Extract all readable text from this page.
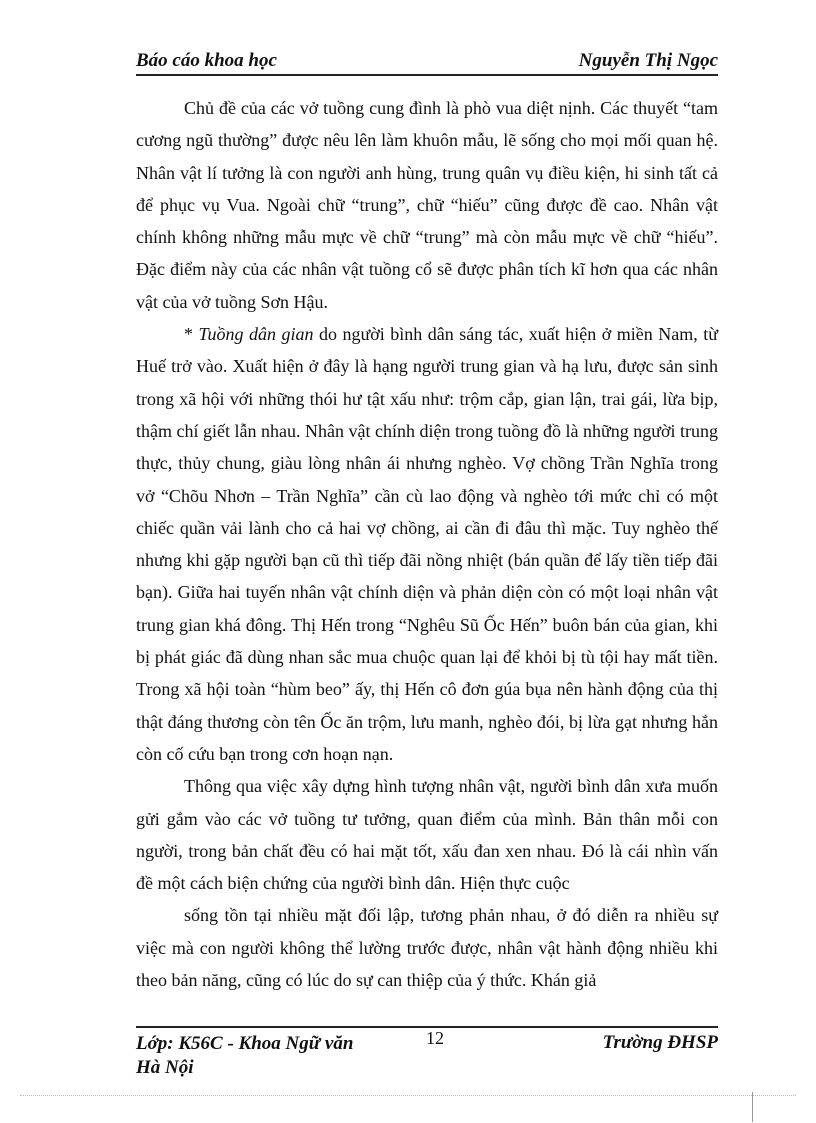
Báo cáo khoa học	Nguyễn Thị Ngọc

Chủ đề của các vở tuồng cung đình là phò vua diệt nịnh. Các thuyết “tam cương ngũ thường” được nêu lên làm khuôn mẫu, lẽ sống cho mọi mối quan hệ. Nhân vật lí tưởng là con người anh hùng, trung quân vụ điều kiện, hi sinh tất cả để phục vụ Vua. Ngoài chữ “trung”, chữ “hiếu” cũng được đề cao. Nhân vật chính không những mẫu mực về chữ “trung” mà còn mẫu mực về chữ “hiếu”. Đặc điểm này của các nhân vật tuồng cổ sẽ được phân tích kĩ hơn qua các nhân vật của vở tuồng Sơn Hậu.

* Tuồng dân gian do người bình dân sáng tác, xuất hiện ở miền Nam, từ Huế trở vào. Xuất hiện ở đây là hạng người trung gian và hạ lưu, được sản sinh trong xã hội với những thói hư tật xấu như: trộm cắp, gian lận, trai gái, lừa bịp, thậm chí giết lẫn nhau. Nhân vật chính diện trong tuồng đồ là những người trung thực, thủy chung, giàu lòng nhân ái nhưng nghèo. Vợ chồng Trần Nghĩa trong vở “Chõu Nhơn – Trần Nghĩa” cần cù lao động và nghèo tới mức chỉ có một chiếc quần vải lành cho cả hai vợ chồng, ai cần đi đâu thì mặc. Tuy nghèo thế nhưng khi gặp người bạn cũ thì tiếp đãi nồng nhiệt (bán quần để lấy tiền tiếp đãi bạn). Giữa hai tuyến nhân vật chính diện và phản diện còn có một loại nhân vật trung gian khá đông. Thị Hến trong “Nghêu Sũ Ốc Hến” buôn bán của gian, khi bị phát giác đã dùng nhan sắc mua chuộc quan lại để khỏi bị tù tội hay mất tiền. Trong xã hội toàn “hùm beo” ấy, thị Hến cô đơn gúa bụa nên hành động của thị thật đáng thương còn tên Ốc ăn trộm, lưu manh, nghèo đói, bị lừa gạt nhưng hắn còn cố cứu bạn trong cơn hoạn nạn.

Thông qua việc xây dựng hình tượng nhân vật, người bình dân xưa muốn gửi gắm vào các vở tuồng tư tưởng, quan điểm của mình. Bản thân mỗi con người, trong bản chất đều có hai mặt tốt, xấu đan xen nhau. Đó là cái nhìn vấn đề một cách biện chứng của người bình dân. Hiện thực cuộc

sống tồn tại nhiều mặt đối lập, tương phản nhau, ở đó diễn ra nhiều sự việc mà con người không thể lường trước được, nhân vật hành động nhiều khi theo bản năng, cũng có lúc do sự can thiệp của ý thức. Khán giả

Lớp: K56C - Khoa Ngữ văn
Hà Nội
12	Trường ĐHSP
